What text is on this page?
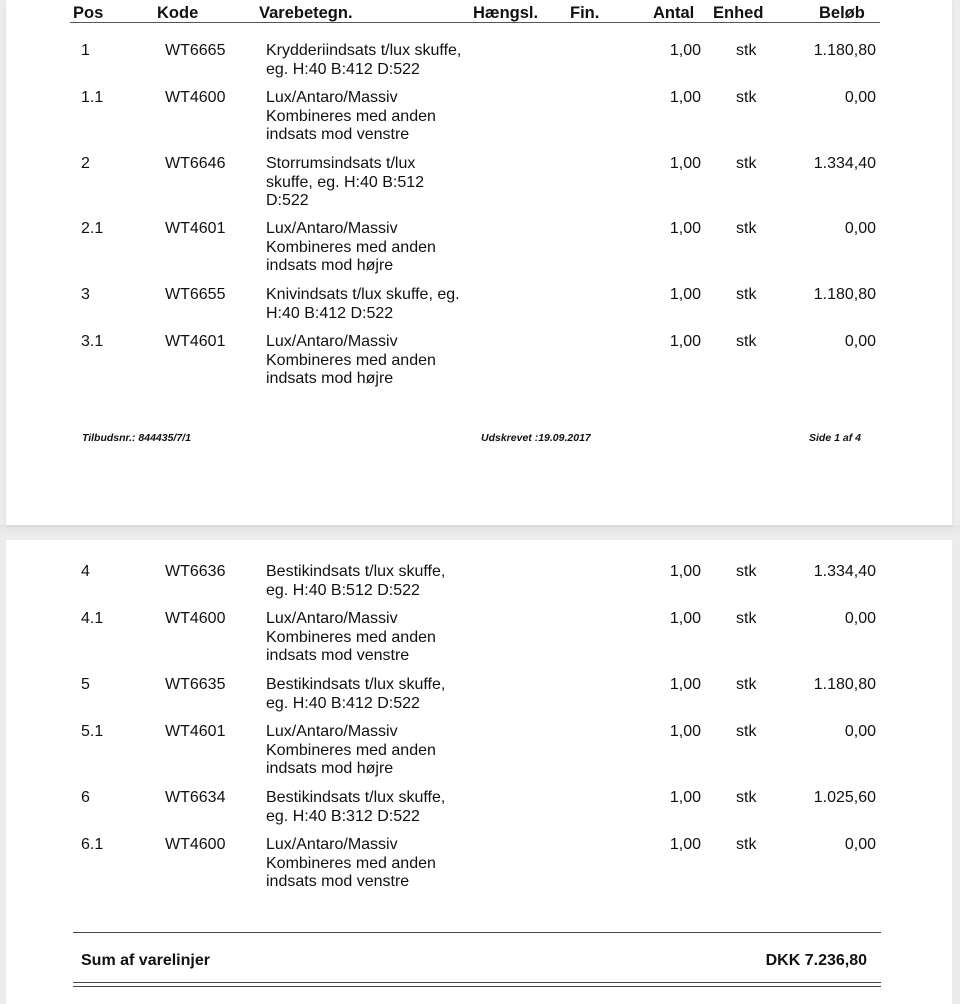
Pos	Kode	Varebetegn.	Hængsl. Fin.	Antal Enhed	Beløb
1	WT6665	Krydderiindsats t/lux skuffe,
eg. H:40 B:412 D:522
1,00 stk	1.180,80
1.1	WT4600	Lux/Antaro/Massiv
Kombineres med anden
indsats mod venstre
1,00 stk	0,00
2	WT6646	Storrumsindsats t/lux
skuffe, eg. H:40 B:512
D:522
1,00 stk	1.334,40
2.1	WT4601	Lux/Antaro/Massiv
Kombineres med anden
indsats mod højre
1,00 stk	0,00
3	WT6655	Knivindsats t/lux skuffe, eg.
H:40 B:412 D:522
1,00 stk	1.180,80
3.1	WT4601	Lux/Antaro/Massiv
Kombineres med anden
indsats mod højre
1,00 stk	0,00
Tilbudsnr.: 844435/7/1	Udskrevet :19.09.2017	Side 1 af 4
4	WT6636	Bestikindsats t/lux skuffe,
eg. H:40 B:512 D:522
1,00 stk	1.334,40
4.1	WT4600	Lux/Antaro/Massiv
Kombineres med anden
indsats mod venstre
1,00 stk	0,00
5	WT6635	Bestikindsats t/lux skuffe,
eg. H:40 B:412 D:522
1,00 stk	1.180,80
5.1	WT4601	Lux/Antaro/Massiv
Kombineres med anden
indsats mod højre
1,00 stk	0,00
6	WT6634	Bestikindsats t/lux skuffe,
eg. H:40 B:312 D:522
1,00 stk	1.025,60
6.1	WT4600	Lux/Antaro/Massiv
Kombineres med anden
indsats mod venstre
1,00 stk	0,00
Sum af varelinjer	DKK 7.236,80
